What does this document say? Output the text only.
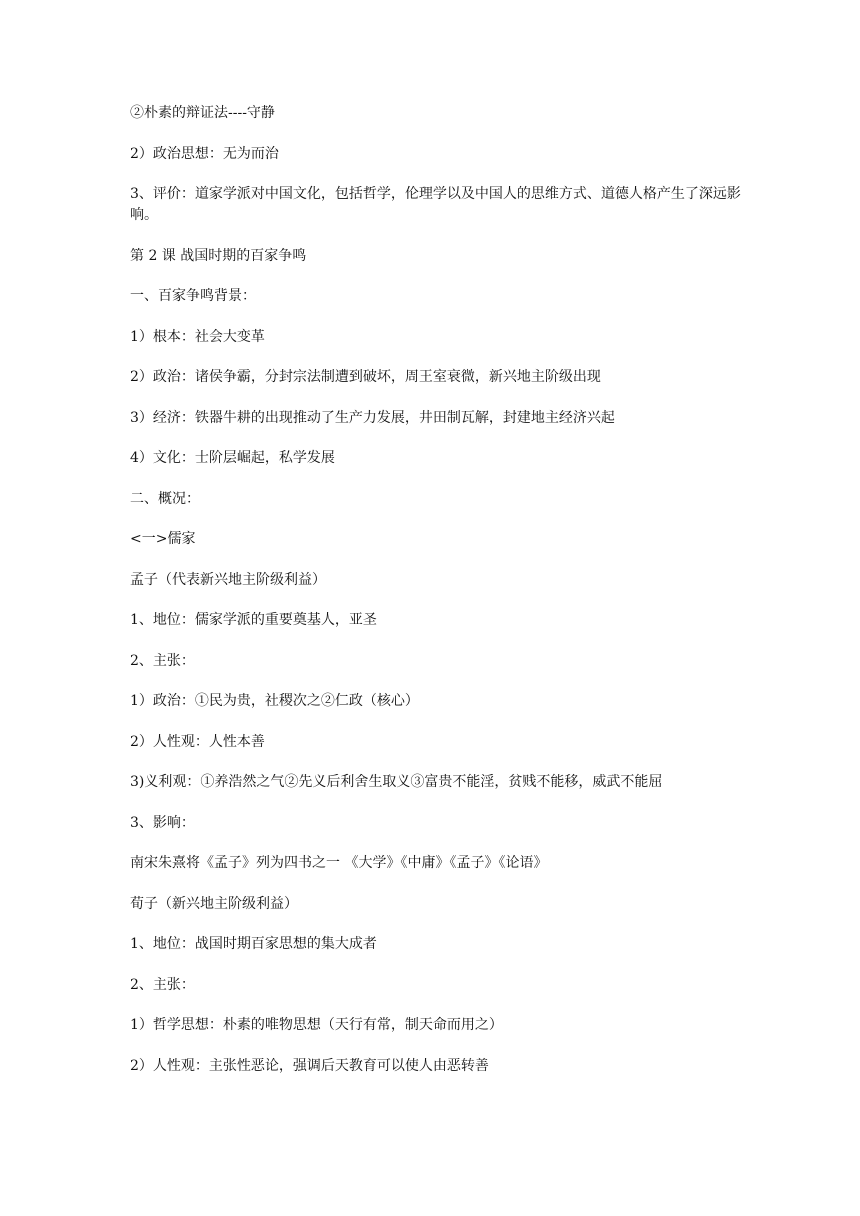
②朴素的辩证法----守静

2）政治思想：无为而治

3、评价：道家学派对中国文化，包括哲学，伦理学以及中国人的思维方式、道德人格产生了深远影响。

第 2 课 战国时期的百家争鸣

一、百家争鸣背景：

1）根本：社会大变革

2）政治：诸侯争霸，分封宗法制遭到破坏，周王室衰微，新兴地主阶级出现

3）经济：铁器牛耕的出现推动了生产力发展，井田制瓦解，封建地主经济兴起

4）文化：士阶层崛起，私学发展

二、概况：

<一>儒家

孟子（代表新兴地主阶级利益）

1、地位：儒家学派的重要奠基人，亚圣

2、主张：

1）政治：①民为贵，社稷次之②仁政（核心）

2）人性观：人性本善

3)义利观：①养浩然之气②先义后利舍生取义③富贵不能淫，贫贱不能移，威武不能屈

3、影响：

南宋朱熹将《孟子》列为四书之一 《大学》《中庸》《孟子》《论语》

荀子（新兴地主阶级利益）

1、地位：战国时期百家思想的集大成者

2、主张：

1）哲学思想：朴素的唯物思想（天行有常，制天命而用之）

2）人性观：主张性恶论，强调后天教育可以使人由恶转善
